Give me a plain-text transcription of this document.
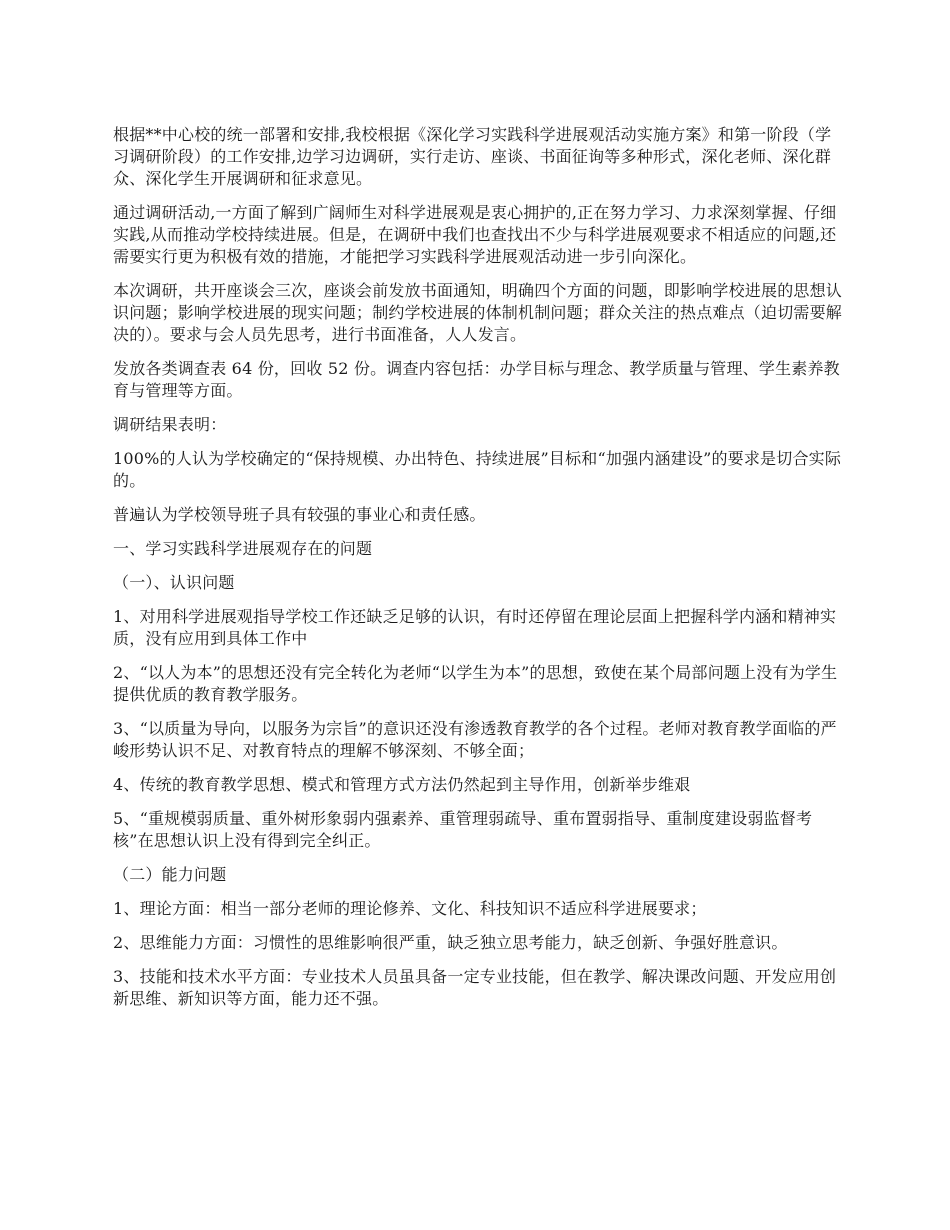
根据**中心校的统一部署和安排,我校根据《深化学习实践科学进展观活动实施方案》和第一阶段（学习调研阶段）的工作安排,边学习边调研，实行走访、座谈、书面征询等多种形式，深化老师、深化群众、深化学生开展调研和征求意见。

通过调研活动,一方面了解到广阔师生对科学进展观是衷心拥护的,正在努力学习、力求深刻掌握、仔细实践,从而推动学校持续进展。但是，在调研中我们也查找出不少与科学进展观要求不相适应的问题,还需要实行更为积极有效的措施，才能把学习实践科学进展观活动进一步引向深化。

本次调研，共开座谈会三次，座谈会前发放书面通知，明确四个方面的问题，即影响学校进展的思想认识问题；影响学校进展的现实问题；制约学校进展的体制机制问题；群众关注的热点难点（迫切需要解决的）。要求与会人员先思考，进行书面准备，人人发言。

发放各类调查表 64 份，回收 52 份。调查内容包括：办学目标与理念、教学质量与管理、学生素养教育与管理等方面。

调研结果表明：

100%的人认为学校确定的“保持规模、办出特色、持续进展”目标和“加强内涵建设”的要求是切合实际的。

普遍认为学校领导班子具有较强的事业心和责任感。

一、学习实践科学进展观存在的问题

（一）、认识问题

1、对用科学进展观指导学校工作还缺乏足够的认识，有时还停留在理论层面上把握科学内涵和精神实质，没有应用到具体工作中

2、“以人为本”的思想还没有完全转化为老师“以学生为本”的思想，致使在某个局部问题上没有为学生提供优质的教育教学服务。

3、“以质量为导向，以服务为宗旨”的意识还没有渗透教育教学的各个过程。老师对教育教学面临的严峻形势认识不足、对教育特点的理解不够深刻、不够全面；

4、传统的教育教学思想、模式和管理方式方法仍然起到主导作用，创新举步维艰

5、“重规模弱质量、重外树形象弱内强素养、重管理弱疏导、重布置弱指导、重制度建设弱监督考核”在思想认识上没有得到完全纠正。

（二）能力问题

1、理论方面：相当一部分老师的理论修养、文化、科技知识不适应科学进展要求；

2、思维能力方面：习惯性的思维影响很严重，缺乏独立思考能力，缺乏创新、争强好胜意识。

3、技能和技术水平方面：专业技术人员虽具备一定专业技能，但在教学、解决课改问题、开发应用创新思维、新知识等方面，能力还不强。
